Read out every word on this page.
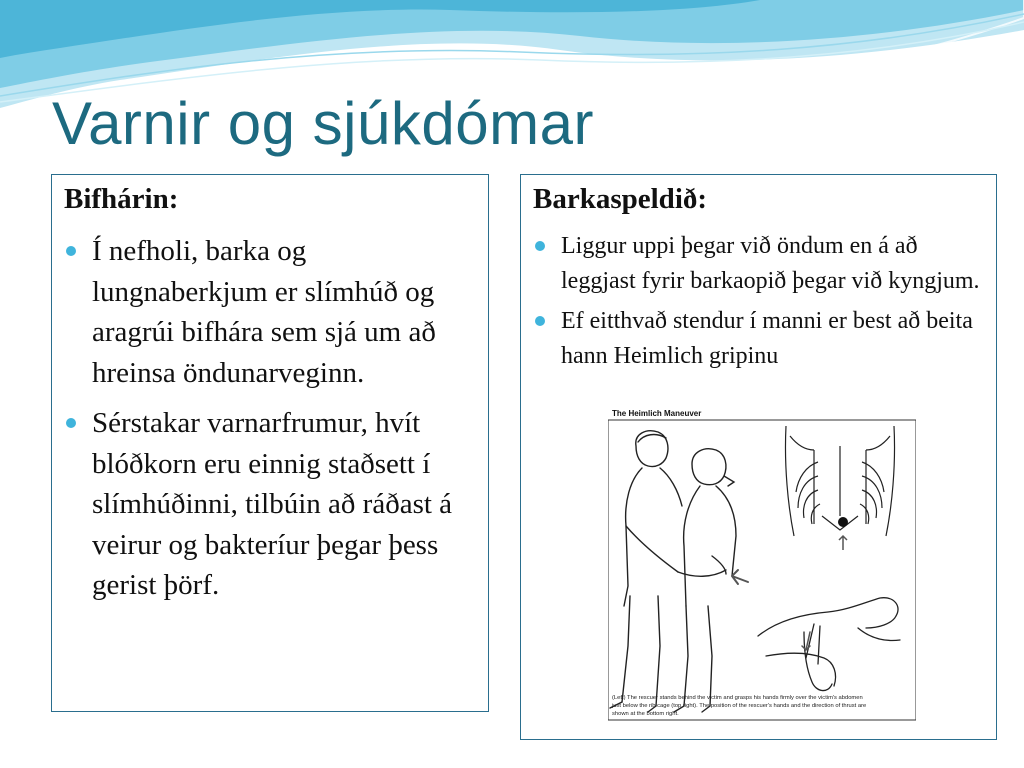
Varnir og sjúkdómar
Bifhárin:
Í nefholi, barka og lungnaberkjum er slímhúð og aragrúi bifhára sem sjá um að hreinsa öndunarveginn.
Sérstakar varnarfrumur, hvít blóðkorn eru einnig staðsett í slímhúðinni, tilbúin að ráðast á veirur og bakteríur þegar þess gerist þörf.
Barkaspeldið:
Liggur uppi þegar við öndum en á að leggjast fyrir barkaopið þegar við kyngjum.
Ef eitthvað stendur í manni er best að beita hann Heimlich gripinu
The Heimlich Maneuver
(Left) The rescuer stands behind the victim and grasps his hands firmly over the victim's abdomen just below the rib cage (top right). The position of the rescuer's hands and the direction of thrust are shown at the bottom right.
